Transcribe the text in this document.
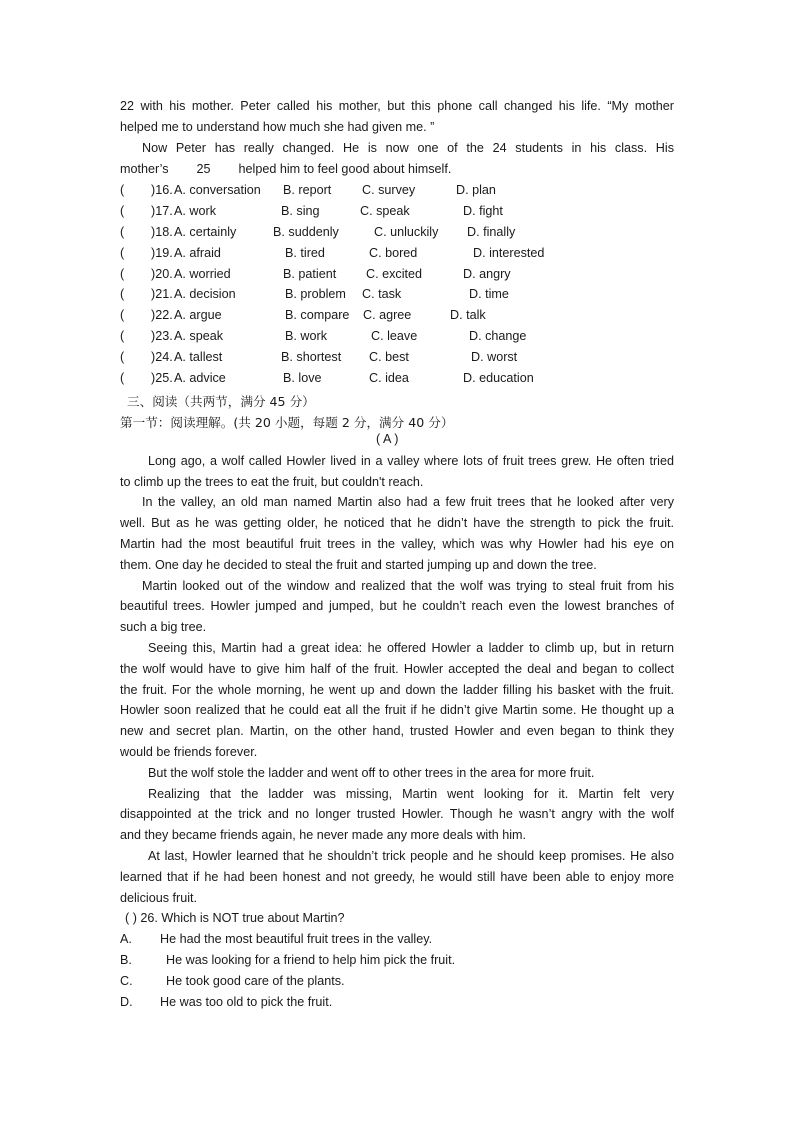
22 with his mother. Peter called his mother, but this phone call changed his life. “My mother
helped me to understand how much she had given me. ”
Now Peter has really changed. He is now one of the 24 students in his class. His
mother’s        25        helped him to feel good about himself.
( )16. A. conversation B. report C. survey	D. plan
( )17. A. work	B. sing	C. speak	D. fight
( )18. A. certainly	B. suddenly	C. unluckily D. finally
( )19. A. afraid	B. tired	C. bored	D. interested
( )20. A. worried	B. patient C. excited	D. angry
( )21. A. decision	B. problem C. task	D. time
( )22. A. argue	B. compare C. agree	D. talk
( )23. A. speak	B. work	C. leave	D. change
( )24. A. tallest	B. shortest C. best	D. worst
( )25. A. advice	B. love	C. idea	D. education
三、阅读（共两节，满分 45 分）
第一节：阅读理解。(共 20 小题，每题 2 分，满分 40 分）
( A )
Long ago, a wolf called Howler lived in a valley where lots of fruit trees grew. He often tried
to climb up the trees to eat the fruit, but couldn't reach.
In the valley, an old man named Martin also had a few fruit trees that he looked after very
well. But as he was getting older, he noticed that he didn’t have the strength to pick the fruit.
Martin had the most beautiful fruit trees in the valley, which was why Howler had his eye on
them. One day he decided to steal the fruit and started jumping up and down the tree.
Martin looked out of the window and realized that the wolf was trying to steal fruit from his
beautiful trees. Howler jumped and jumped, but he couldn’t reach even the lowest branches of
such a big tree.
Seeing this, Martin had a great idea: he offered Howler a ladder to climb up, but in return
the wolf would have to give him half of the fruit. Howler accepted the deal and began to collect
the fruit. For the whole morning, he went up and down the ladder filling his basket with the fruit.
Howler soon realized that he could eat all the fruit if he didn’t give Martin some. He thought up a
new and secret plan. Martin, on the other hand, trusted Howler and even began to think they
would be friends forever.
But the wolf stole the ladder and went off to other trees in the area for more fruit.
Realizing that the ladder was missing, Martin went looking for it. Martin felt very
disappointed at the trick and no longer trusted Howler. Though he wasn’t angry with the wolf
and they became friends again, he never made any more deals with him.
At last, Howler learned that he shouldn’t trick people and he should keep promises. He also
learned that if he had been honest and not greedy, he would still have been able to enjoy more
delicious fruit.
( ) 26. Which is NOT true about Martin?
A. He had the most beautiful fruit trees in the valley.
B.	He was looking for a friend to help him pick the fruit.
C.	He took good care of the plants.
D. He was too old to pick the fruit.
